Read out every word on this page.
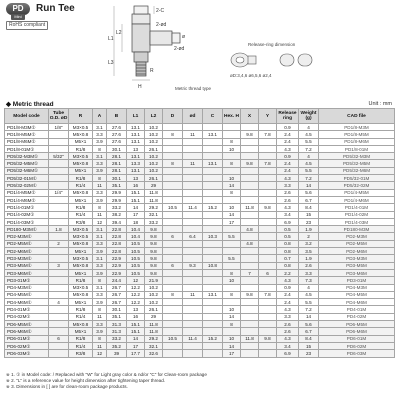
PD
Mini
Run Tee
RoHS compliant
2-C
2-ød
ø
2-ød
L1
L2
L3
R
H
Release-ring dimension
øD:3,4,6 ø6,5,6 ø2,4
Metric thread type
◆ Metric thread	Unit : mm
Model code	Tube O.D. øD	R	A	B	L1	L2	D	ød	C	Hex. H	X	Y	Release ring	Weight (g)	CAD file
PD1/8-M3M①	1/8"	M3×0.5	3.1	27.6	13.1	10.2							0.9	4	PD1/8-M3M
PD1/8-M5M①		M5×0.8	3.3	27.6	13.1	10.2	8	11	13.1		9.8	7.8	2.4	4.5	PD1/8-M5M
PD1/8-M6M①		M5×1	3.9	27.6	13.1	10.2				8			2.4	5.5	PD1/8-M6M
PD1/8-01M①		R1/8	8	30.1	13	26.1				10			4.3	7.2	PD1/8-01M
PD5/32-M3M①	5/32"	M3×0.5	3.1	28.1	13.1	10.2							0.9	4	PD5/32-M3M
PD5/32-M5M①		M5×0.8	3.3	28.1	13.3	10.2	8	11	13.1	8	9.8	7.8	2.4	4.5	PD5/32-M5M
PD5/32-M6M①		M5×1	3.9	28.1	13.1	10.2							2.4	5.5	PD5/32-M6M
PD5/32-01M①		R1/8	8	30.1	13	26.1				10			4.3	7.2	PD5/32-01M
PD5/32-02M①		R1/4	11	35.1	16	29				14			3.3	14	PD5/32-02M
PD1/4-M5M①	1/4"	M5×0.8	3.3	29.9	15.1	11.8				8			2.6	5.6	PD1/4-M5M
PD1/4-M6M①		M5×1	3.9	29.9	15.1	11.8							2.6	6.7	PD1/4-M6M
PD1/4-01M①		R1/8	8	33.2	14	29.2	10.5	11.4	15.2	10	11.8	9.8	4.3	8.4	PD1/4-01M
PD1/4-02M①		R1/4	11	38.2	17	32.1				14			3.4	15	PD1/4-02M
PD1/4-03M①		R3/8	12	39.4	18	33.2				17			6.9	23	PD1/4-03M
PD180-M3M①	1.8	M3×0.5	3.1	22.8	10.4	9.8					4.8		0.5	1.9	PD180-M3M
PD2-M3M①		M3×0.5	3.1	22.8	10.4	9.8	6	6.4	10.3	5.5			0.5	2	PD2-M3M
PD2-M5M①	2	M5×0.8	3.3	22.8	10.5	9.8					4.8		0.8	3.2	PD2-M5M
PD2-M6M①		M5×1	3.9	22.8	10.5	9.8							0.8	3.5	PD2-M6M
PD3-M3M①		M3×0.5	3.1	22.9	10.5	9.8				5.5			0.7	1.9	PD3-M3M
PD3-M5M①	3	M5×0.8	3.3	22.9	10.5	9.8	6	9.3	10.8				0.8	2.6	PD3-M5M
PD3-M6M①		M5×1	3.9	22.9	10.5	9.8				8	7	6	2.2	3.3	PD3-M6M
PD3-01M①		R1/8	8	24.4	12	21.9				10			4.3	7.3	PD3-01M
PD4-M3M①		M3×0.5	3.1	26.7	12.2	10.2							0.9	4	PD4-M3M
PD4-M5M①		M5×0.8	3.3	26.7	12.2	10.2	8	11	13.1	8	9.8	7.8	2.4	4.5	PD4-M5M
PD4-M6M①	4	M5×1	3.9	26.7	12.2	10.2							2.4	5.5	PD4-M6M
PD4-01M①		R1/8	8	30.1	13	26.1				10			4.3	7.2	PD4-01M
PD4-02M①		R1/4	11	35.1	16	29				14			3.3	14	PD4-02M
PD6-M5M①		M5×0.8	3.3	31.3	15.1	11.8				8			2.6	5.6	PD6-M5M
PD6-M6M①		M5×1	3.9	31.3	15.1	11.8							2.6	6.7	PD6-M6M
PD6-01M①	6	R1/8	8	33.2	14	29.2	10.5	11.4	15.2	10	11.8	9.8	4.3	8.4	PD6-01M
PD6-02M①		R1/4	11	35.2	17	32.1				14			3.4	15	PD6-02M
PD6-03M①		R3/8	12	39	17.7	32.6				17			6.9	23	PD6-03M
※ 1. ① in Model code: / Replaced with "W" for Light gray color & nd/or "C" for Clean-room package
※ 2. "L" is a reference value for height dimension after tightening taper thread.
※ 3. Dimensions in [ ] are for clean-room package products.
